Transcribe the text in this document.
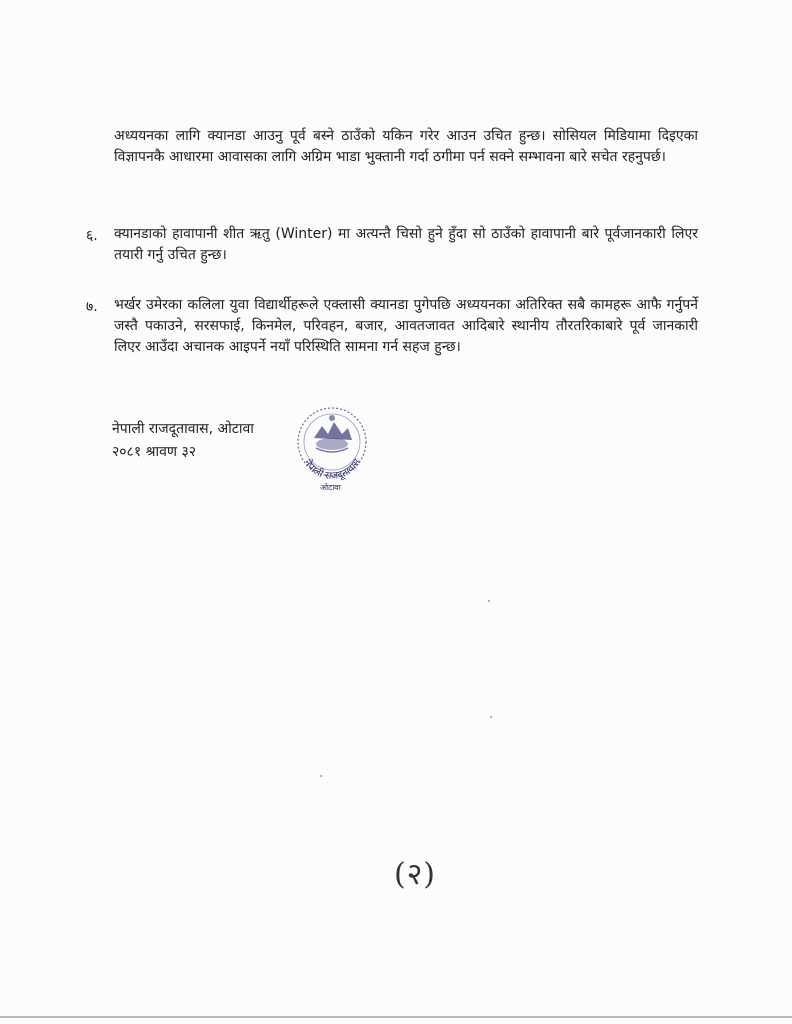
अध्ययनका लागि क्यानडा आउनु पूर्व बस्ने ठाउँको यकिन गरेर आउन उचित हुन्छ। सोसियल मिडियामा दिइएका विज्ञापनकै आधारमा आवासका लागि अग्रिम भाडा भुक्तानी गर्दा ठगीमा पर्न सक्ने सम्भावना बारे सचेत रहनुपर्छ।

६. क्यानडाको हावापानी शीत ऋतु (Winter) मा अत्यन्तै चिसो हुने हुँदा सो ठाउँको हावापानी बारे पूर्वजानकारी लिएर तयारी गर्नु उचित हुन्छ।

७. भर्खर उमेरका कलिला युवा विद्यार्थीहरूले एक्लासी क्यानडा पुगेपछि अध्ययनका अतिरिक्त सबै कामहरू आफै गर्नुपर्ने जस्तै पकाउने, सरसफाई, किनमेल, परिवहन, बजार, आवतजावत आदिबारे स्थानीय तौरतरिकाबारे पूर्व जानकारी लिएर आउँदा अचानक आइपर्ने नयाँ परिस्थिति सामना गर्न सहज हुन्छ।

नेपाली राजदूतावास, ओटावा
२०८१ श्रावण ३२
नेपाली राजदूतावास
ओटावा
(२)
